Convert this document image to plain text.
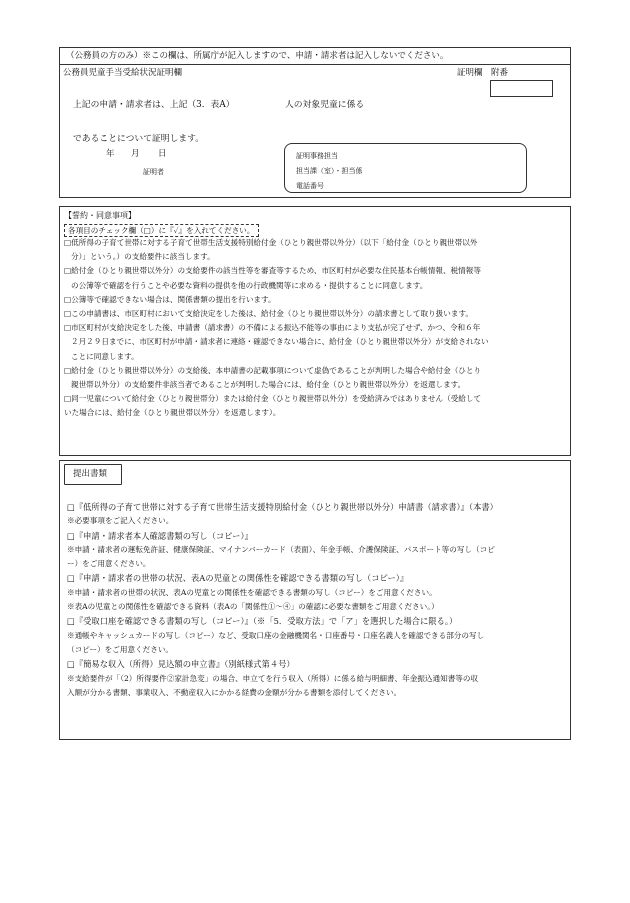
（公務員の方のみ）※この欄は、所属庁が記入しますので、申請・請求者は記入しないでください。
公務員児童手当受給状況証明欄	証明欄　附番
上記の申請・請求者は、上記（3．表A）	人の対象児童に係る
であることについて証明します。
年 月 日
証明者
証明事務担当
担当課（室）・担当係
電話番号
【誓約・同意事項】
各項目のチェック欄（□）に『✓』を入れてください。
□低所得の子育て世帯に対する子育て世帯生活支援特別給付金（ひとり親世帯以外分）（以下「給付金（ひとり親世帯以外
分）」という。）の支給要件に該当します。
□給付金（ひとり親世帯以外分）の支給要件の該当性等を審査等するため、市区町村が必要な住民基本台帳情報、税情報等
の公簿等で確認を行うことや必要な資料の提供を他の行政機関等に求める・提供することに同意します。
□公簿等で確認できない場合は、関係書類の提出を行います。
□この申請書は、市区町村において支給決定をした後は、給付金（ひとり親世帯以外分）の請求書として取り扱います。
□市区町村が支給決定をした後、申請書（請求書）の不備による振込不能等の事由により支払が完了せず、かつ、令和６年
２月２９日までに、市区町村が申請・請求者に連絡・確認できない場合に、給付金（ひとり親世帯以外分）が支給されない
ことに同意します。
□給付金（ひとり親世帯以外分）の支給後、本申請書の記載事項について虚偽であることが判明した場合や給付金（ひとり
親世帯以外分）の支給要件非該当者であることが判明した場合には、給付金（ひとり親世帯以外分）を返還します。
□同一児童について給付金（ひとり親世帯分）または給付金（ひとり親世帯以外分）を受給済みではありません（受給して
いた場合には、給付金（ひとり親世帯以外分）を返還します）。
提出書類
□『低所得の子育て世帯に対する子育て世帯生活支援特別給付金（ひとり親世帯以外分）申請書（請求書）』（本書）
※必要事項をご記入ください。
□『申請・請求者本人確認書類の写し（コピー）』
※申請・請求者の運転免許証、健康保険証、マイナンバーカード（表面）、年金手帳、介護保険証、パスポート等の写し（コピ
ー）をご用意ください。
□『申請・請求者の世帯の状況、表Aの児童との関係性を確認できる書類の写し（コピー）』
※申請・請求者の世帯の状況、表Aの児童との関係性を確認できる書類の写し（コピー）をご用意ください。
※表Aの児童との関係性を確認できる資料（表Aの「関係性①〜④」の確認に必要な書類をご用意ください。）
□『受取口座を確認できる書類の写し（コピー）』（※「5．受取方法」で「ア」を選択した場合に限る。）
※通帳やキャッシュカードの写し（コピー）など、受取口座の金融機関名・口座番号・口座名義人を確認できる部分の写し
（コピー）をご用意ください。
□『簡易な収入（所得）見込額の申立書』（別紙様式第４号）
※支給要件が「（2）所得要件②家計急変」の場合、申立てを行う収入（所得）に係る給与明細書、年金振込通知書等の収
入額が分かる書類、事業収入、不動産収入にかかる経費の金額が分かる書類を添付してください。
